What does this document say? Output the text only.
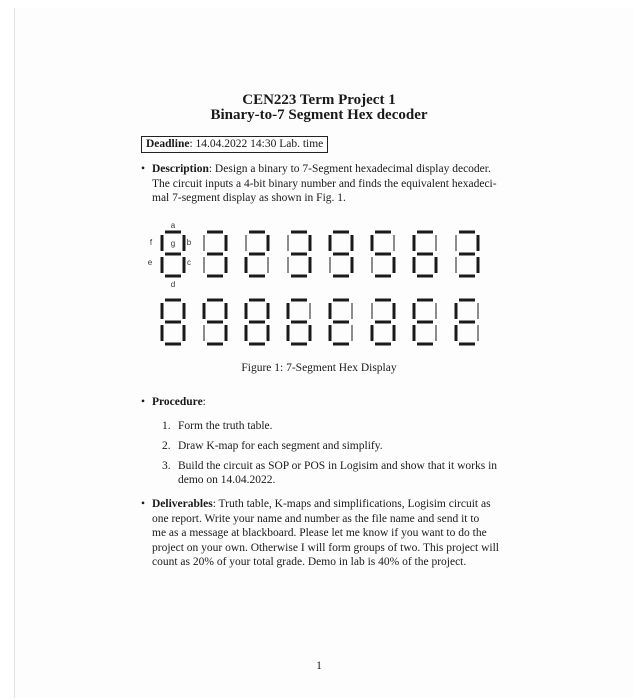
CEN223 Term Project 1
Binary-to-7 Segment Hex decoder
Deadline: 14.04.2022 14:30 Lab. time
• Description: Design a binary to 7-Segment hexadecimal display decoder.
The circuit inputs a 4-bit binary number and finds the equivalent hexadeci-
mal 7-segment display as shown in Fig. 1.
a
b
c
d
e
f g
Figure 1: 7-Segment Hex Display
• Procedure:
1. Form the truth table.
2. Draw K-map for each segment and simplify.
3. Build the circuit as SOP or POS in Logisim and show that it works in
demo on 14.04.2022.
• Deliverables: Truth table, K-maps and simplifications, Logisim circuit as
one report. Write your name and number as the file name and send it to
me as a message at blackboard. Please let me know if you want to do the
project on your own. Otherwise I will form groups of two. This project will
count as 20% of your total grade. Demo in lab is 40% of the project.
1
